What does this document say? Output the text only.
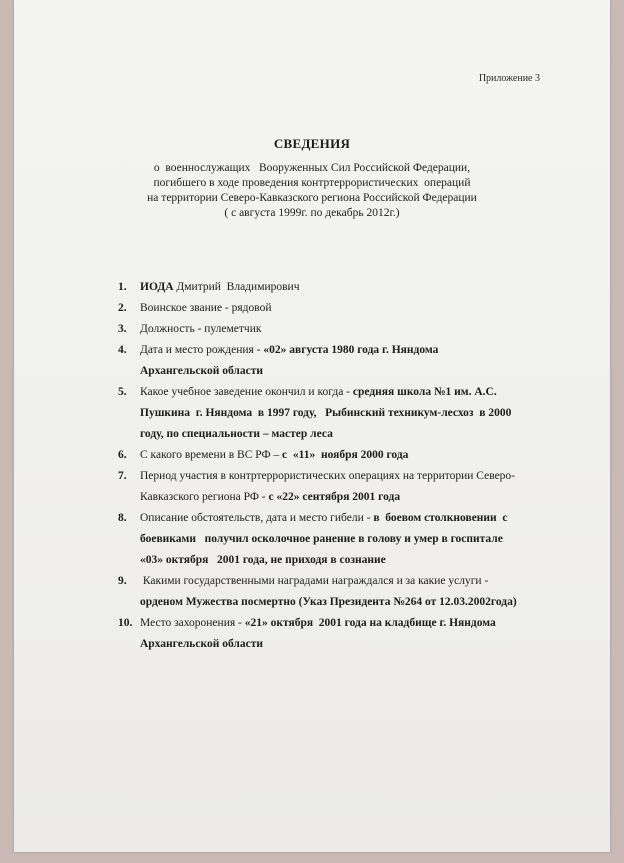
Приложение 3
СВЕДЕНИЯ
о  военнослужащих   Вооруженных Сил Российской Федерации,
погибшего в ходе проведения контртеррористических  операций
на территории Северо-Кавказского региона Российской Федерации
( с августа 1999г. по декабрь 2012г.)
1.	ИОДА Дмитрий  Владимирович
2.	Воинское звание - рядовой
3.	Должность - пулеметчик
4.	Дата и место рождения - «02» августа 1980 года г. Няндома
Архангельской области
5.	Какое учебное заведение окончил и когда - средняя школа №1 им. А.С.
Пушкина  г. Няндома  в 1997 году,   Рыбинский техникум-лесхоз  в 2000
году, по специальности – мастер леса
6.	С какого времени в ВС РФ – с  «11»  ноября 2000 года
7.	Период участия в контртеррористических операциях на территории Северо-
Кавказского региона РФ - с «22» сентября 2001 года
8.	Описание обстоятельств, дата и место гибели - в  боевом столкновении  с
боевиками   получил осколочное ранение в голову и умер в госпитале
«03» октября   2001 года, не приходя в сознание
9.	Какими государственными наградами награждался и за какие услуги -
орденом Мужества посмертно (Указ Президента №264 от 12.03.2002года)
10. Место захоронения - «21» октября  2001 года на кладбище г. Няндома
Архангельской области
